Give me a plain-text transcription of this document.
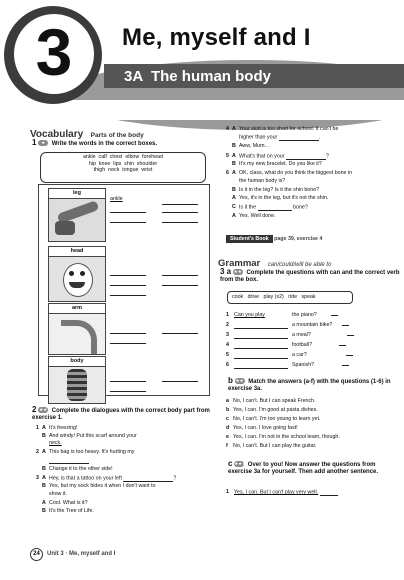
3	Me, myself and I
3A  The human body
Vocabulary Parts of the body
1 ★ Write the words in the correct boxes.
ankle  calf  chest  elbow  forehead
hip  knee  lips  shin  shoulder
thigh  neck  tongue  wrist
leg
head
arm
body
ankle
2 ★★ Complete the dialogues with the correct body part from exercise 1.
1 A It's freezing!
B And windy! Put this scarf around your
neck.
2 A This bag is too heavy. It's hurting my
B Change it to the other side!
3 A Hey, is that a tattoo on your left	?
B Yes, but my sock hides it when I don't want to
show it.
A Cool. What is it?
B It's the Tree of Life.
24	Unit 3 · Me, myself and I
4 A Your skirt is too short for school. It can't be
higher than your	.
B Aww, Mum...
5 A What's that on your	?
B It's my new bracelet. Do you like it?
6 A OK, class, what do you think the biggest bone in
the human body is?
B Is it in the leg? Is it the shin bone?
A Yes, it's in the leg, but it's not the shin.
C Is it the	bone?
A Yes. Well done.
Student's Book page 39, exercise 4
Grammar can/could/will be able to
3 a ★★ Complete the questions with can and the correct verb from the box.
cook   drive   play (x2)   ride   speak
1 Can you play	the piano?
2	a mountain bike?
3	a meal?
4	football?
5	a car?
6	Spanish?
b ★★ Match the answers (a-f) with the questions (1-6) in exercise 3a.
a No, I can't. But I can speak French.
b Yes, I can. I'm good at pasta dishes.
c No, I can't. I'm too young to learn yet.
d Yes, I can. I love going fast!
e Yes, I can. I'm not in the school team, though.
f No, I can't. But I can play the guitar.
c ★★★ Over to you! Now answer the questions from exercise 3a for yourself. Then add another sentence.
1 Yes, I can. But I can't play very well.
